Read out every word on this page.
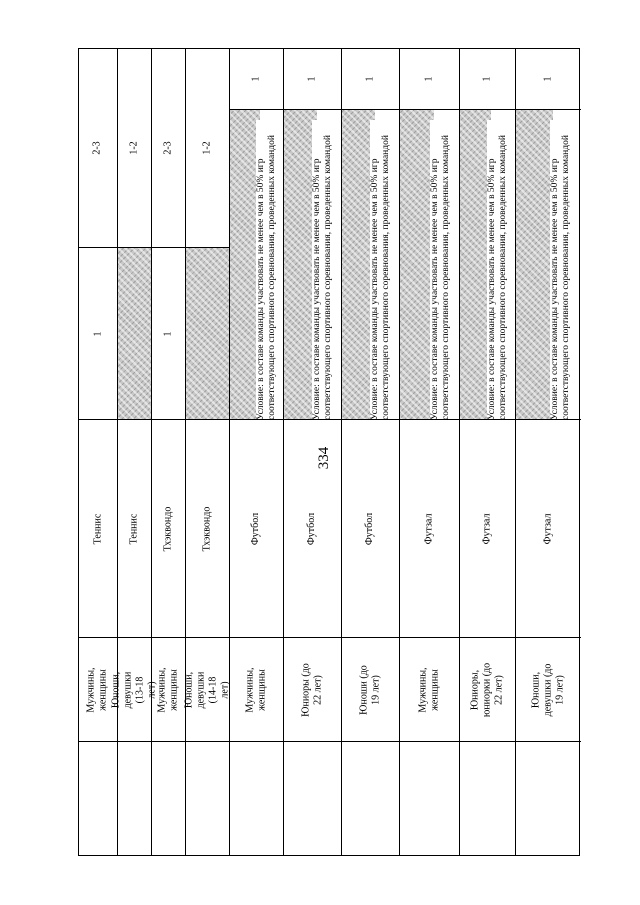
334
2-3
1
Теннис
Мужчины, женщины
1-2
Теннис
Юноши, девушки (13-18 лет)
2-3
1
Тхэквондо
Мужчины, женщины
1-2
Тхэквондо
Юноши, девушки (14-18 лет)
1
Условие: в составе команды участвовать не менее чем в 50% игр соответствующего спортивного соревнования, проведенных командой
Футбол
Мужчины, женщины
1
Условие: в составе команды участвовать не менее чем в 50% игр соответствующего спортивного соревнования, проведенных командой
Футбол
Юниоры (до 22 лет)
1
Условие: в составе команды участвовать не менее чем в 50% игр соответствующего спортивного соревнования, проведенных командой
Футбол
Юноши (до 19 лет)
1
Условие: в составе команды участвовать не менее чем в 50% игр соответствующего спортивного соревнования, проведенных командой
Футзал
Мужчины, женщины
1
Условие: в составе команды участвовать не менее чем в 50% игр соответствующего спортивного соревнования, проведенных командой
Футзал
Юниоры, юниорки (до 22 лет)
1
Условие: в составе команды участвовать не менее чем в 50% игр соответствующего спортивного соревнования, проведенных командой
Футзал
Юноши, девушки (до 19 лет)
